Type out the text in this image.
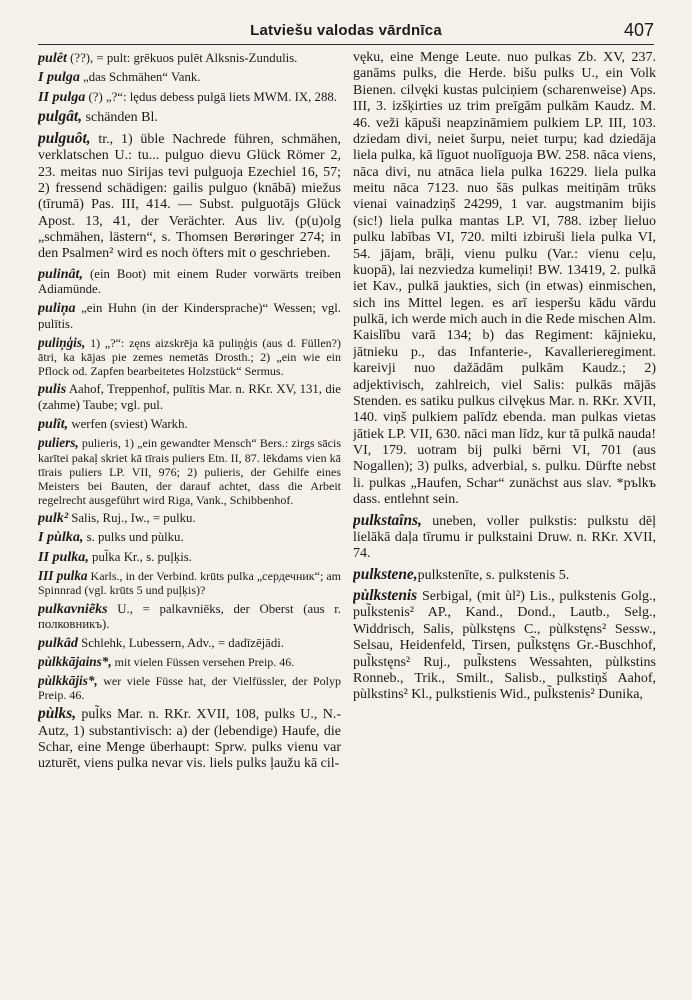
Latviešu valodas vārdnīca	407

pulêt (??), = pult: grēkuos pulēt Alksnis-Zundulis.

I pulga „das Schmähen“ Vank.

II pulga (?) „?“: lędus debess pulgā liets MWM. IX, 288.

pulgât, schänden Bl.

pulguôt, tr., 1) üble Nachrede führen, schmähen, verklatschen U.: tu... pulguo dievu Glück Römer 2, 23. meitas nuo Sirijas tevi pulguoja Ezechiel 16, 57; 2) fressend schädigen: gailis pulguo (knābā) miežus (tīrumā) Pas. III, 414. — Subst. pulguotājs Glück Apost. 13, 41, der Verächter. Aus liv. (p(u)olg „schmähen, lästern“, s. Thomsen Berøringer 274; in den Psalmen² wird es noch öfters mit o geschrieben.

pulinât, (ein Boot) mit einem Ruder vorwärts treiben Adiamünde.

puliņa „ein Huhn (in der Kindersprache)“ Wessen; vgl. pulītis.

puliņģis, 1) „?“: zęns aizskrēja kā puliņģis (aus d. Füllen?) ātri, ka kājas pie zemes nemetās Drosth.; 2) „ein wie ein Pflock od. Zapfen bearbeitetes Holzstück“ Sermus.

pulis Aahof, Treppenhof, pulītis Mar. n. RKr. XV, 131, die (zahme) Taube; vgl. pul.

pulît, werfen (sviest) Warkh.

puliers, pulieris, 1) „ein gewandter Mensch“ Bers.: zirgs sācis karītei pakaļ skriet kā tīrais puliers Etn. II, 87. lēkdams vien kā tīrais puliers LP. VII, 976; 2) pulieris, der Gehilfe eines Meisters bei Bauten, der darauf achtet, dass die Arbeit regelrecht ausgeführt wird Riga, Vank., Schibbenhof.

pulk² Salis, Ruj., Iw., = pulku.

I pùlka, s. pulks und pùlku.

II pulka, pul̃ka Kr., s. puļķis.

III pulka Karls., in der Verbind. krūts pulka „сердечник“; am Spinnrad (vgl. krūts 5 und puļķis)?

pulkavniẽks U., = palkavniēks, der Oberst (aus r. полковникъ).

pulkâd Schlehk, Lubessern, Adv., = dadīzējādi.

pùlkkājains*, mit vielen Füssen versehen Preip. 46.

pùlkkājis*, wer viele Füsse hat, der Vielfüssler, der Polyp Preip. 46.

pùlks, pul̃ks Mar. n. RKr. XVII, 108, pulks U., N.-Autz, 1) substantivisch: a) der (lebendige) Haufe, die Schar, eine Menge überhaupt: Sprw. pulks vienu var uzturēt, viens pulka nevar vis. liels pulks ļaužu kā cil-

vęku, eine Menge Leute. nuo pulkas Zb. XV, 237. ganāms pulks, die Herde. bišu pulks U., ein Volk Bienen. cilvęki kustas pulciņiem (scharenweise) Aps. III, 3. izšķirties uz trim preīgām pulkām Kaudz. M. 46. veži kāpuši neapzināmiem pulkiem LP. III, 103. dziedam divi, neiet šurpu, neiet turpu; kad dziedāja liela pulka, kā līguot nuolīguoja BW. 258. nāca viens, nāca divi, nu atnāca liela pulka 16229. liela pulka meitu nāca 7123. nuo šās pulkas meitiņām trūks vienai vainadziņš 24299, 1 var. augstmanim bijis (sic!) liela pulka mantas LP. VI, 788. izbeŗ lieluo pulku labības VI, 720. milti izbiruši liela pulka VI, 54. jājam, brāļi, vienu pulku (Var.: vienu ceļu, kuopā), lai nezviedza kumeliņi! BW. 13419, 2. pulkā iet Kav., pulkā jaukties, sich (in etwas) einmischen, sich ins Mittel legen. es arī iesperšu kādu vārdu pulkā, ich werde mich auch in die Rede mischen Alm. Kaislību varā 134; b) das Regiment: kājnieku, jātnieku p., das Infanterie-, Kavallerieregiment. kareivji nuo dažādām pulkām Kaudz.; 2) adjektivisch, zahlreich, viel Salis: pulkās mājās Stenden. es satiku pulkus cilvękus Mar. n. RKr. XVII, 140. viņš pulkiem palīdz ebenda. man pulkas vietas jātiek LP. VII, 630. nāci man līdz, kur tā pulkā nauda! VI, 179. uotram bij pulki bērni VI, 701 (aus Nogallen); 3) pulks, adverbial, s. pulku. Dürfte nebst li. pulkas „Haufen, Schar“ zunächst aus slav. *pъlkъ dass. entlehnt sein.

pulkstaîns, uneben, voller pulkstis: pulkstu dēļ lielākā daļa tīrumu ir pulkstaini Druw. n. RKr. XVII, 74.

pulkstene,pulkstenīte, s. pulkstenis 5.

pùlkstenis Serbigal, (mit ùl²) Lis., pulkstenis Golg., pul̃kstenis² AP., Kand., Dond., Lautb., Selg., Widdrisch, Salis, pùlkstęns C., pùlkstęns² Sessw., Selsau, Heidenfeld, Tirsen, pul̃kstęns Gr.-Buschhof, pul̃kstęns² Ruj., pul̃kstens Wessahten, pùlkstins Ronneb., Trik., Smilt., Salisb., pulkstiņš Aahof, pùlkstins² Kl., pulkstienis Wid., pul̃kstenis² Dunika,
